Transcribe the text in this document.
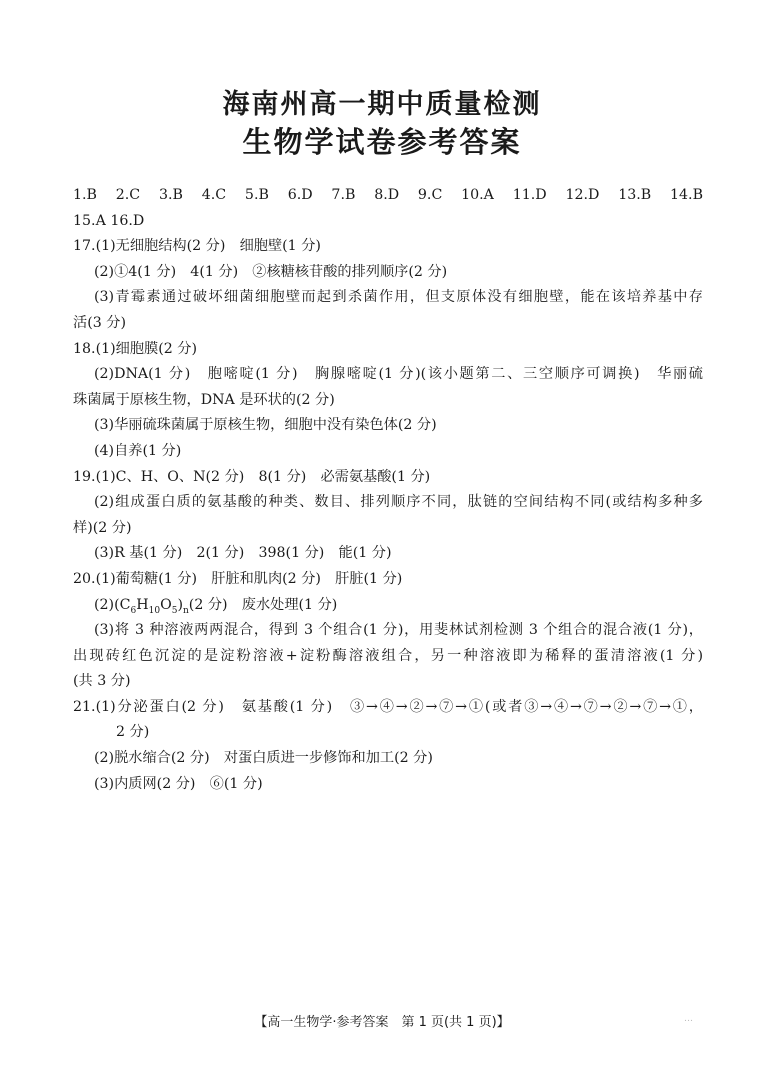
海南州高一期中质量检测
生物学试卷参考答案
1.B 2.C 3.B 4.C 5.B 6.D 7.B 8.D 9.C 10.A 11.D 12.D 13.B 14.B
15.A 16.D
17.(1)无细胞结构(2 分)　细胞壁(1 分)
(2)①4(1 分)　4(1 分)　②核糖核苷酸的排列顺序(2 分)
(3)青霉素通过破坏细菌细胞壁而起到杀菌作用，但支原体没有细胞壁，能在该培养基中存
活(3 分)
18.(1)细胞膜(2 分)
(2)DNA(1 分)　胞嘧啶(1 分)　胸腺嘧啶(1 分)(该小题第二、三空顺序可调换)　华丽硫
珠菌属于原核生物，DNA 是环状的(2 分)
(3)华丽硫珠菌属于原核生物，细胞中没有染色体(2 分)
(4)自养(1 分)
19.(1)C、H、O、N(2 分)　8(1 分)　必需氨基酸(1 分)
(2)组成蛋白质的氨基酸的种类、数目、排列顺序不同，肽链的空间结构不同(或结构多种多
样)(2 分)
(3)R 基(1 分)　2(1 分)　398(1 分)　能(1 分)
20.(1)葡萄糖(1 分)　肝脏和肌肉(2 分)　肝脏(1 分)
$(2)(C_6H_{10}O_5)_n(2$ 分)　废水处理(1 分)
(3)将 3 种溶液两两混合，得到 3 个组合(1 分)，用斐林试剂检测 3 个组合的混合液(1 分)，
出现砖红色沉淀的是淀粉溶液+淀粉酶溶液组合，另一种溶液即为稀释的蛋清溶液(1 分)
(共 3 分)
21.(1)分泌蛋白(2 分)　氨基酸(1 分)　③→④→②→⑦→①(或者③→④→⑦→②→⑦→①，
2 分)
(2)脱水缩合(2 分)　对蛋白质进一步修饰和加工(2 分)
(3)内质网(2 分)　⑥(1 分)
【高一生物学·参考答案　第 1 页(共 1 页)】	…
